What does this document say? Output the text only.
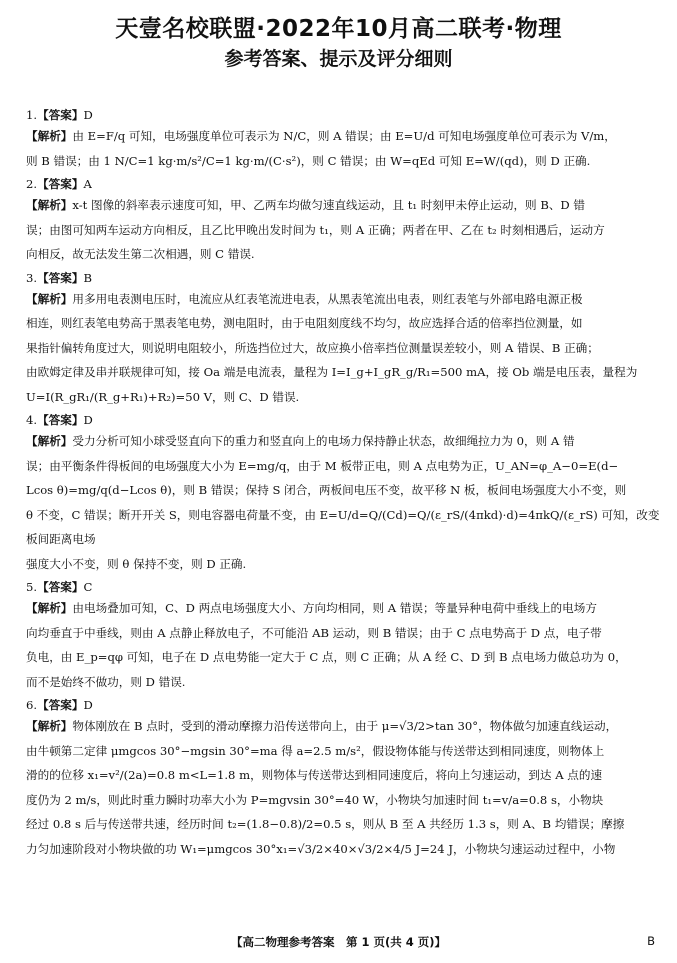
天壹名校联盟·2022年10月高二联考·物理
参考答案、提示及评分细则
1.【答案】D

【解析】由 E=F/q 可知，电场强度单位可表示为 N/C，则 A 错误；由 E=U/d 可知电场强度单位可表示为 V/m，

则 B 错误；由 1 N/C=1 kg·m/s²/C=1 kg·m/(C·s²)，则 C 错误；由 W=qEd 可知 E=W/(qd)，则 D 正确.

2.【答案】A

【解析】x-t 图像的斜率表示速度可知，甲、乙两车均做匀速直线运动，且 t₁ 时刻甲未停止运动，则 B、D 错

误；由图可知两车运动方向相反，且乙比甲晚出发时间为 t₁，则 A 正确；两者在甲、乙在 t₂ 时刻相遇后，运动方

向相反，故无法发生第二次相遇，则 C 错误.

3.【答案】B

【解析】用多用电表测电压时，电流应从红表笔流进电表，从黑表笔流出电表，则红表笔与外部电路电源正极

相连，则红表笔电势高于黑表笔电势，测电阻时，由于电阻刻度线不均匀，故应选择合适的倍率挡位测量，如

果指针偏转角度过大，则说明电阻较小，所选挡位过大，故应换小倍率挡位测量误差较小，则 A 错误、B 正确；

由欧姆定律及串并联规律可知，接 Oa 端是电流表，量程为 I=I_g+I_gR_g/R₁=500 mA，接 Ob 端是电压表，量程为

U=I(R_gR₁/(R_g+R₁)+R₂)=50 V，则 C、D 错误.

4.【答案】D

【解析】受力分析可知小球受竖直向下的重力和竖直向上的电场力保持静止状态，故细绳拉力为 0，则 A 错

误；由平衡条件得板间的电场强度大小为 E=mg/q，由于 M 板带正电，则 A 点电势为正，U_AN=φ_A−0=E(d−

Lcos θ)=mg/q(d−Lcos θ)，则 B 错误；保持 S 闭合，两板间电压不变，故平移 N 板，板间电场强度大小不变，则

θ 不变，C 错误；断开开关 S，则电容器电荷量不变，由 E=U/d=Q/(Cd)=Q/(ε_rS/(4πkd)·d)=4πkQ/(ε_rS) 可知，改变板间距离电场

强度大小不变，则 θ 保持不变，则 D 正确.

5.【答案】C

【解析】由电场叠加可知，C、D 两点电场强度大小、方向均相同，则 A 错误；等量异种电荷中垂线上的电场方

向均垂直于中垂线，则由 A 点静止释放电子，不可能沿 AB 运动，则 B 错误；由于 C 点电势高于 D 点，电子带

负电，由 E_p=qφ 可知，电子在 D 点电势能一定大于 C 点，则 C 正确；从 A 经 C、D 到 B 点电场力做总功为 0，

而不是始终不做功，则 D 错误.

6.【答案】D

【解析】物体刚放在 B 点时，受到的滑动摩擦力沿传送带向上，由于 μ=√3/2>tan 30°，物体做匀加速直线运动，

由牛顿第二定律 μmgcos 30°−mgsin 30°=ma 得 a=2.5 m/s²，假设物体能与传送带达到相同速度，则物体上

滑的的位移 x₁=v²/(2a)=0.8 m<L=1.8 m，则物体与传送带达到相同速度后，将向上匀速运动，到达 A 点的速

度仍为 2 m/s，则此时重力瞬时功率大小为 P=mgvsin 30°=40 W，小物块匀加速时间 t₁=v/a=0.8 s，小物块

经过 0.8 s 后与传送带共速，经历时间 t₂=(1.8−0.8)/2=0.5 s，则从 B 至 A 共经历 1.3 s，则 A、B 均错误；摩擦

力匀加速阶段对小物块做的功 W₁=μmgcos 30°x₁=√3/2×40×√3/2×4/5 J=24 J，小物块匀速运动过程中，小物

【高二物理参考答案　第 1 页(共 4 页)】	B
